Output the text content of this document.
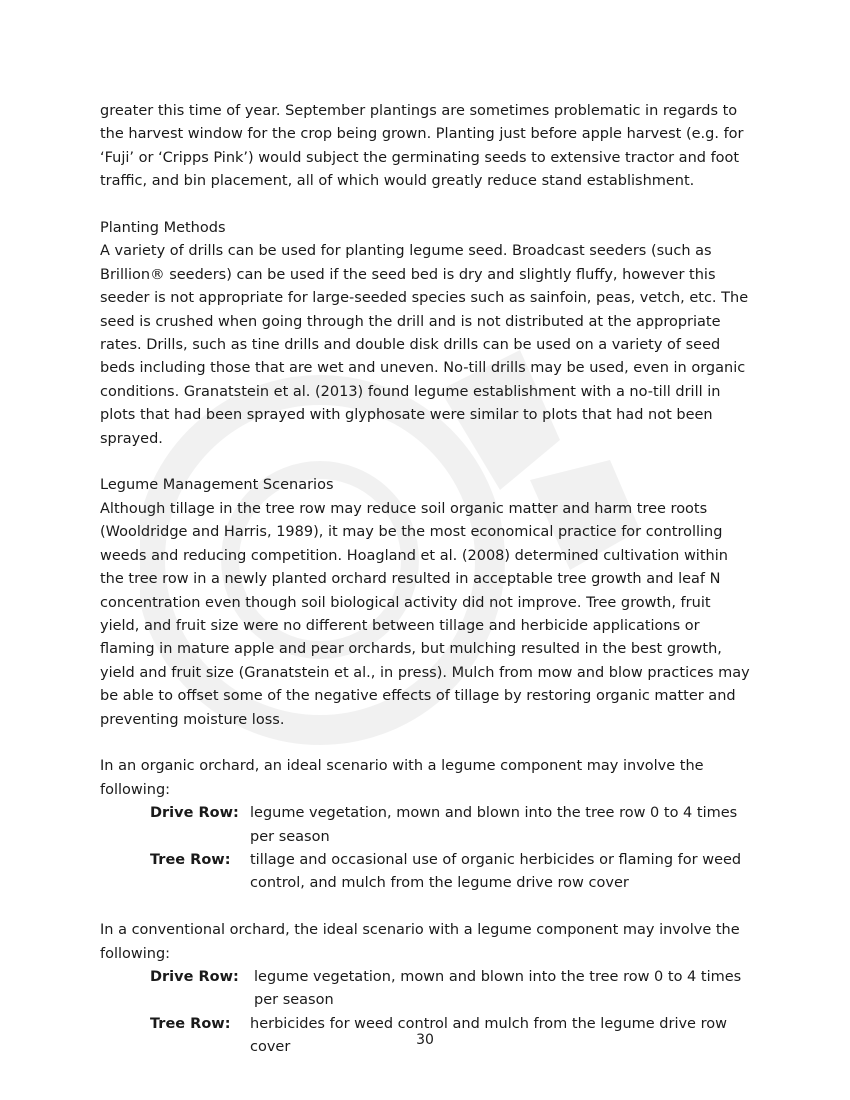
greater this time of year. September plantings are sometimes problematic in regards to the harvest window for the crop being grown. Planting just before apple harvest (e.g. for ‘Fuji’ or ‘Cripps Pink’) would subject the germinating seeds to extensive tractor and foot traffic, and bin placement, all of which would greatly reduce stand establishment.

Planting Methods

A variety of drills can be used for planting legume seed. Broadcast seeders (such as Brillion® seeders) can be used if the seed bed is dry and slightly fluffy, however this seeder is not appropriate for large-seeded species such as sainfoin, peas, vetch, etc. The seed is crushed when going through the drill and is not distributed at the appropriate rates. Drills, such as tine drills and double disk drills can be used on a variety of seed beds including those that are wet and uneven. No-till drills may be used, even in organic conditions. Granatstein et al. (2013) found legume establishment with a no-till drill in plots that had been sprayed with glyphosate were similar to plots that had not been sprayed.

Legume Management Scenarios

Although tillage in the tree row may reduce soil organic matter and harm tree roots (Wooldridge and Harris, 1989), it may be the most economical practice for controlling weeds and reducing competition. Hoagland et al. (2008) determined cultivation within the tree row in a newly planted orchard resulted in acceptable tree growth and leaf N concentration even though soil biological activity did not improve. Tree growth, fruit yield, and fruit size were no different between tillage and herbicide applications or flaming in mature apple and pear orchards, but mulching resulted in the best growth, yield and fruit size (Granatstein et al., in press). Mulch from mow and blow practices may be able to offset some of the negative effects of tillage by restoring organic matter and preventing moisture loss.

In an organic orchard, an ideal scenario with a legume component may involve the following:

Drive Row: legume vegetation, mown and blown into the tree row 0 to 4 times per season
Tree Row: tillage and occasional use of organic herbicides or flaming for weed control, and mulch from the legume drive row cover

In a conventional orchard, the ideal scenario with a legume component may involve the following:

Drive Row: legume vegetation, mown and blown into the tree row 0 to 4 times per season
Tree Row: herbicides for weed control and mulch from the legume drive row cover	30
